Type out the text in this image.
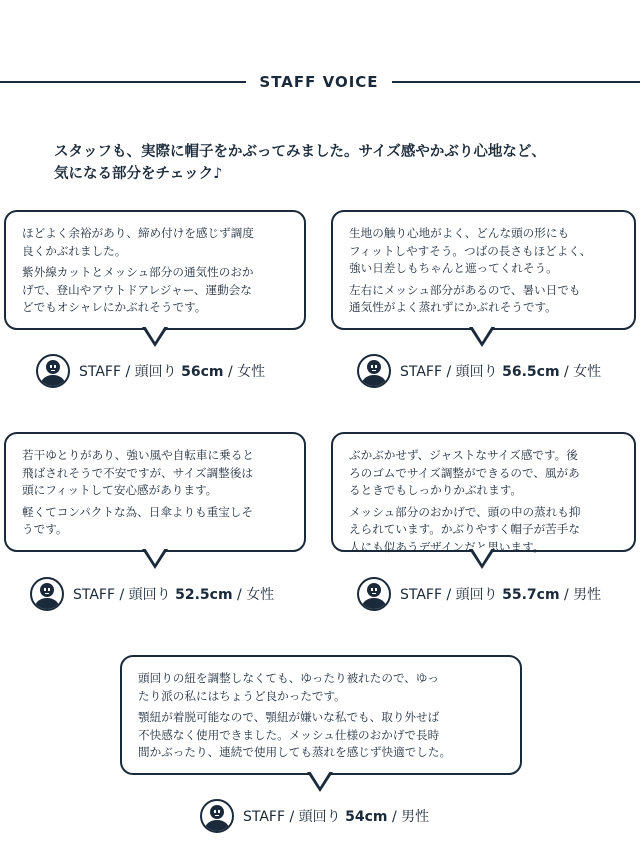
STAFF VOICE
スタッフも、実際に帽子をかぶってみました。サイズ感やかぶり心地など、
気になる部分をチェック♪

ほどよく余裕があり、締め付けを感じず調度
良くかぶれました。

紫外線カットとメッシュ部分の通気性のおか
げで、登山やアウトドアレジャー、運動会な
どでもオシャレにかぶれそうです。

STAFF / 頭回り 56cm / 女性

生地の触り心地がよく、どんな頭の形にも
フィットしやすそう。つばの長さもほどよく、
強い日差しもちゃんと遮ってくれそう。

左右にメッシュ部分があるので、暑い日でも
通気性がよく蒸れずにかぶれそうです。

STAFF / 頭回り 56.5cm / 女性

若干ゆとりがあり、強い風や自転車に乗ると
飛ばされそうで不安ですが、サイズ調整後は
頭にフィットして安心感があります。

軽くてコンパクトな為、日傘よりも重宝しそ
うです。

STAFF / 頭回り 52.5cm / 女性

ぶかぶかせず、ジャストなサイズ感です。後
ろのゴムでサイズ調整ができるので、風があ
るときでもしっかりかぶれます。

メッシュ部分のおかげで、頭の中の蒸れも抑
えられています。かぶりやすく帽子が苦手な
人にも似あうデザインだと思います。

STAFF / 頭回り 55.7cm / 男性

頭回りの紐を調整しなくても、ゆったり被れたので、ゆっ
たり派の私にはちょうど良かったです。

顎紐が着脱可能なので、顎紐が嫌いな私でも、取り外せば
不快感なく使用できました。メッシュ仕様のおかげで長時
間かぶったり、連続で使用しても蒸れを感じず快適でした。

STAFF / 頭回り 54cm / 男性
